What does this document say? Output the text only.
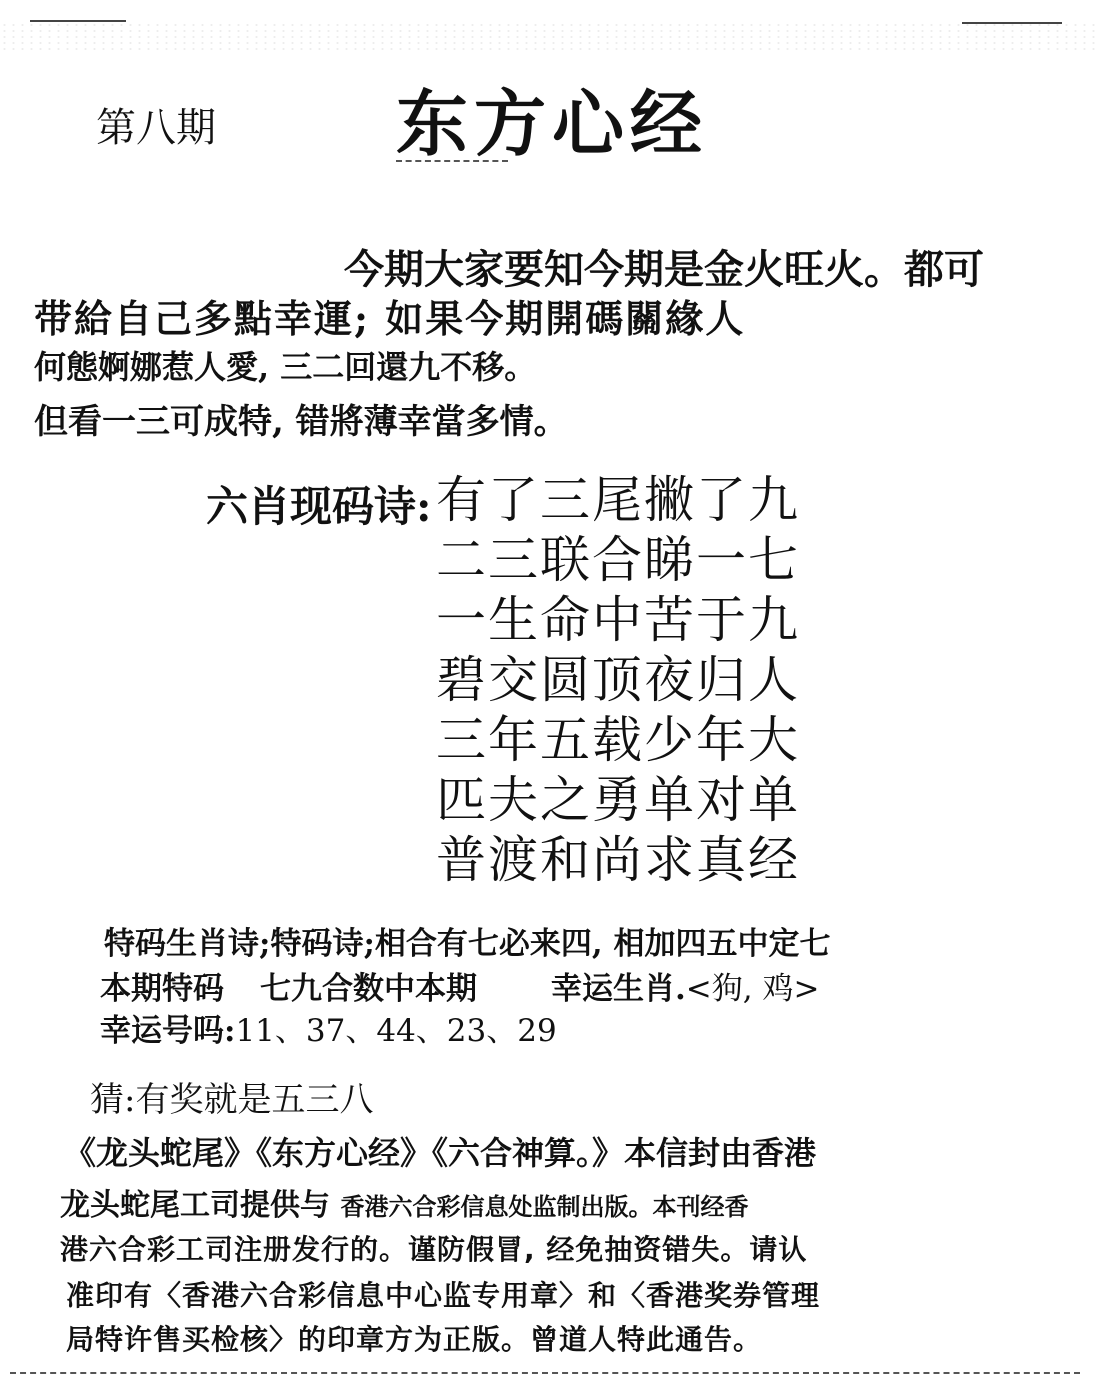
第八期	东方心经
今期大家要知今期是金火旺火。都可
带給自己多點幸運; 如果今期開碼關緣人
何態婀娜惹人愛, 三二回還九不移。
但看一三可成特, 错將薄幸當多情。
六肖现码诗: 有了三尾撇了九
二三联合睇一七
一生命中苦于九
碧交圆顶夜归人
三年五载少年大
匹夫之勇单对单
普渡和尚求真经
特码生肖诗;特码诗;相合有七必来四, 相加四五中定七
本期特码 七九合数中本期 幸运生肖.<狗, 鸡>
幸运号吗:11、37、44、23、29
猜:有奖就是五三八
《龙头蛇尾》《东方心经》《六合神算。》本信封由香港
龙头蛇尾工司提供与 香港六合彩信息处监制出版。本刊经香
港六合彩工司注册发行的。谨防假冒, 经免抽资错失。请认
准印有〈香港六合彩信息中心监专用章〉和〈香港奖券管理
局特许售买检核〉的印章方为正版。曾道人特此通告。
